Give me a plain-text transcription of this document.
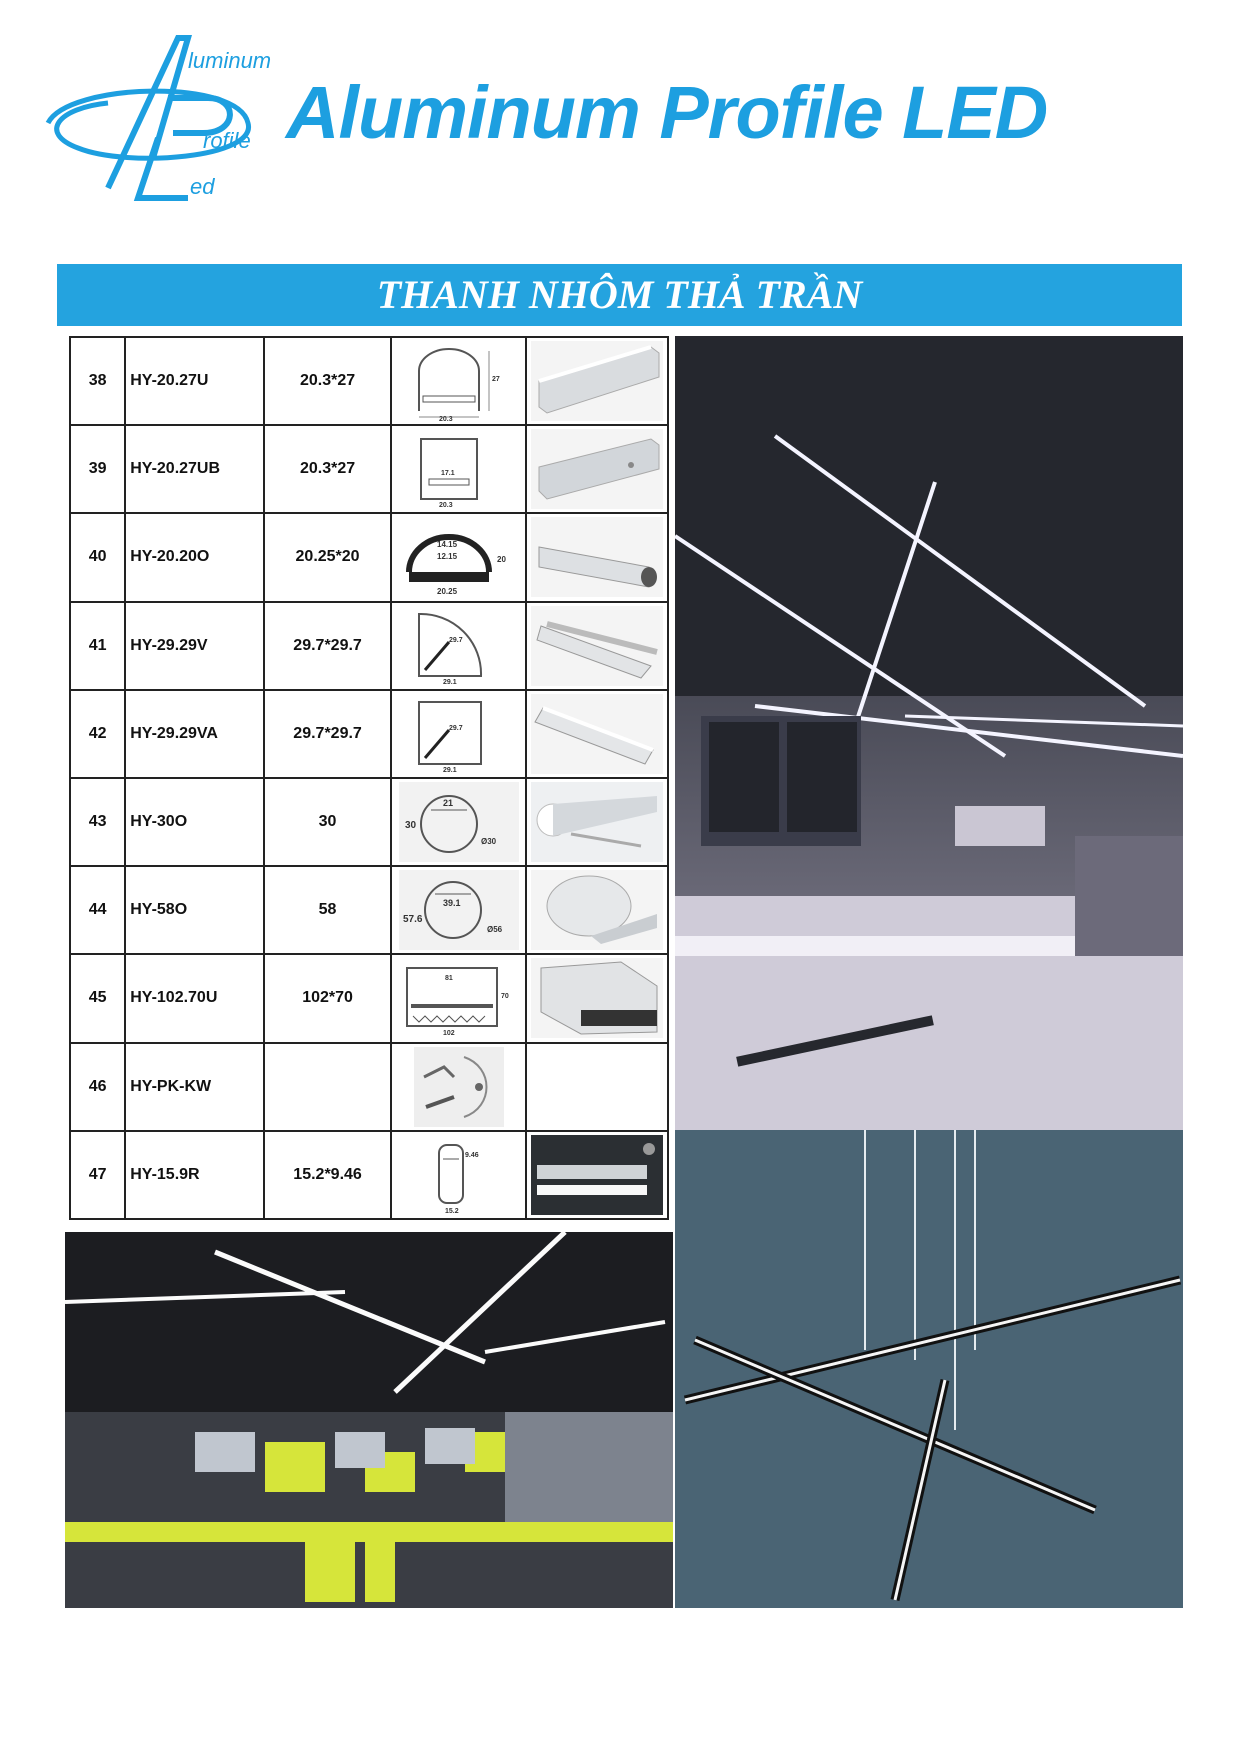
luminum
rofile
ed
Aluminum Profile LED
THANH NHÔM THẢ TRẦN
38	HY-20.27U	20.3*27	20.3
27

39	HY-20.27UB	20.3*27	17.1
20.3

40	HY-20.20O	20.25*20	14.15
12.15
20.25
20

41	HY-29.29V	29.7*29.7	29.7
29.1

42	HY-29.29VA	29.7*29.7	29.7
29.1

43	HY-30O	30	30
21
Ø30

44	HY-58O	58	57.6
39.1
Ø56

45	HY-102.70U	102*70	81
102
70

46	HY-PK-KW		

47	HY-15.9R	15.2*9.46	15.2
9.46
